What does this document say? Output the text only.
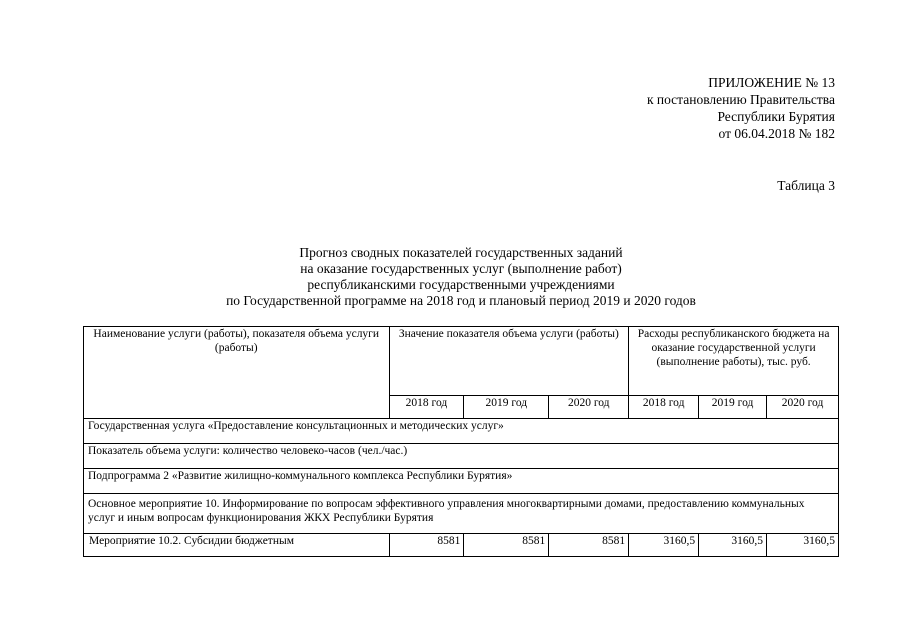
ПРИЛОЖЕНИЕ № 13
к постановлению Правительства
Республики Бурятия
от 06.04.2018 № 182
Таблица 3
Прогноз сводных показателей государственных заданий
на оказание государственных услуг (выполнение работ)
республиканскими государственными учреждениями
по Государственной программе на 2018 год и плановый период 2019 и 2020 годов
Наименование услуги (работы), показателя объема услуги (работы)	Значение показателя объема услуги (работы)			Расходы республиканского бюджета на оказание государственной услуги (выполнение работы), тыс. руб.		
	2018 год	2019 год	2020 год	2018 год	2019 год	2020 год
Государственная услуга «Предоставление консультационных и методических услуг»						
Показатель объема услуги: количество человеко-часов (чел./час.)						
Подпрограмма 2 «Развитие жилищно-коммунального комплекса Республики Бурятия»						
Основное мероприятие 10. Информирование по вопросам эффективного управления многоквартирными домами, предоставлению коммунальных услуг и иным вопросам функционирования ЖКХ Республики Бурятия						
Мероприятие 10.2. Субсидии бюджетным	8581	8581	8581	3160,5	3160,5	3160,5
